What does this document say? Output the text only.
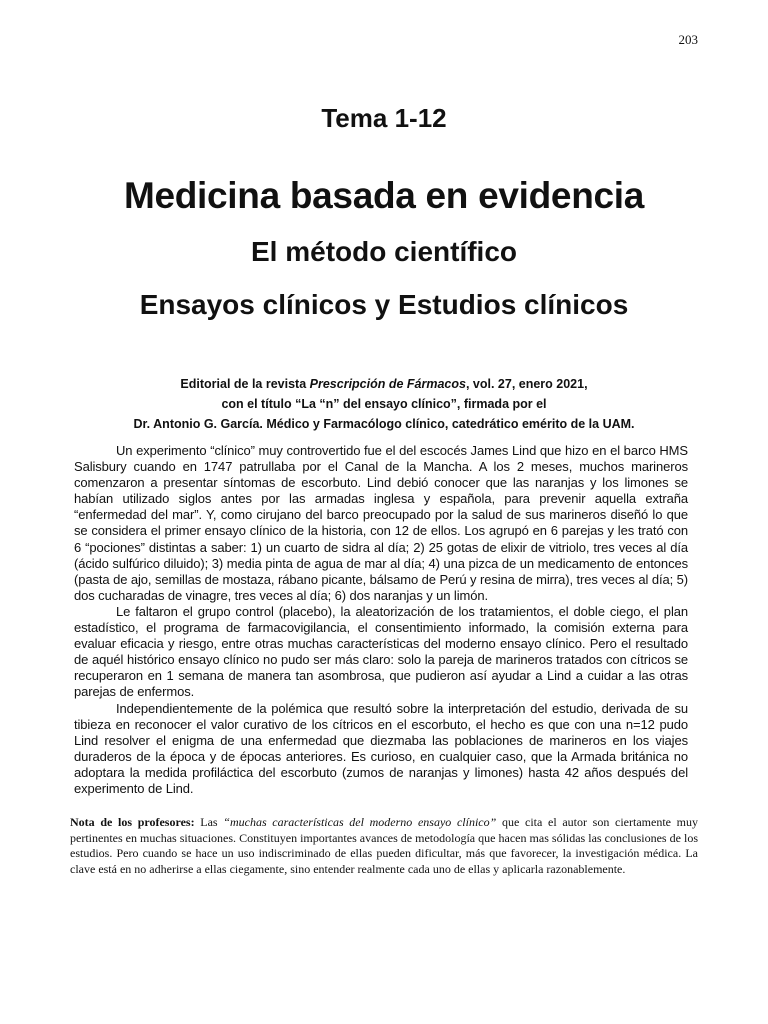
203
Tema 1-12
Medicina basada en evidencia
El método científico
Ensayos clínicos y Estudios clínicos
Editorial de la revista Prescripción de Fármacos, vol. 27, enero 2021,
con el título “La “n” del ensayo clínico”, firmada por el
Dr. Antonio G. García. Médico y Farmacólogo clínico, catedrático emérito de la UAM.

Un experimento “clínico” muy controvertido fue el del escocés James Lind que hizo en el barco HMS Salisbury cuando en 1747 patrullaba por el Canal de la Mancha. A los 2 meses, muchos marineros comenzaron a presentar síntomas de escorbuto. Lind debió conocer que las naranjas y los limones se habían utilizado siglos antes por las armadas inglesa y española, para prevenir aquella extraña “enfermedad del mar”. Y, como cirujano del barco preocupado por la salud de sus marineros diseñó lo que se considera el primer ensayo clínico de la historia, con 12 de ellos. Los agrupó en 6 parejas y les trató con 6 “pociones” distintas a saber: 1) un cuarto de sidra al día; 2) 25 gotas de elixir de vitriolo, tres veces al día (ácido sulfúrico diluido); 3) media pinta de agua de mar al día; 4) una pizca de un medicamento de entonces (pasta de ajo, semillas de mostaza, rábano picante, bálsamo de Perú y resina de mirra), tres veces al día; 5) dos cucharadas de vinagre, tres veces al día; 6) dos naranjas y un limón.

Le faltaron el grupo control (placebo), la aleatorización de los tratamientos, el doble ciego, el plan estadístico, el programa de farmacovigilancia, el consentimiento informado, la comisión externa para evaluar eficacia y riesgo, entre otras muchas características del moderno ensayo clínico. Pero el resultado de aquél histórico ensayo clínico no pudo ser más claro: solo la pareja de marineros tratados con cítricos se recuperaron en 1 semana de manera tan asombrosa, que pudieron así ayudar a Lind a cuidar a las otras parejas de enfermos.

Independientemente de la polémica que resultó sobre la interpretación del estudio, derivada de su tibieza en reconocer el valor curativo de los cítricos en el escorbuto, el hecho es que con una n=12 pudo Lind resolver el enigma de una enfermedad que diezmaba las poblaciones de marineros en los viajes duraderos de la época y de épocas anteriores. Es curioso, en cualquier caso, que la Armada británica no adoptara la medida profiláctica del escorbuto (zumos de naranjas y limones) hasta 42 años después del experimento de Lind.

Nota de los profesores: Las “muchas características del moderno ensayo clínico” que cita el autor son ciertamente muy pertinentes en muchas situaciones. Constituyen importantes avances de metodología que hacen mas sólidas las conclusiones de los estudios. Pero cuando se hace un uso indiscriminado de ellas pueden dificultar, más que favorecer, la investigación médica. La clave está en no adherirse a ellas ciegamente, sino entender realmente cada uno de ellas y aplicarla razonablemente.
